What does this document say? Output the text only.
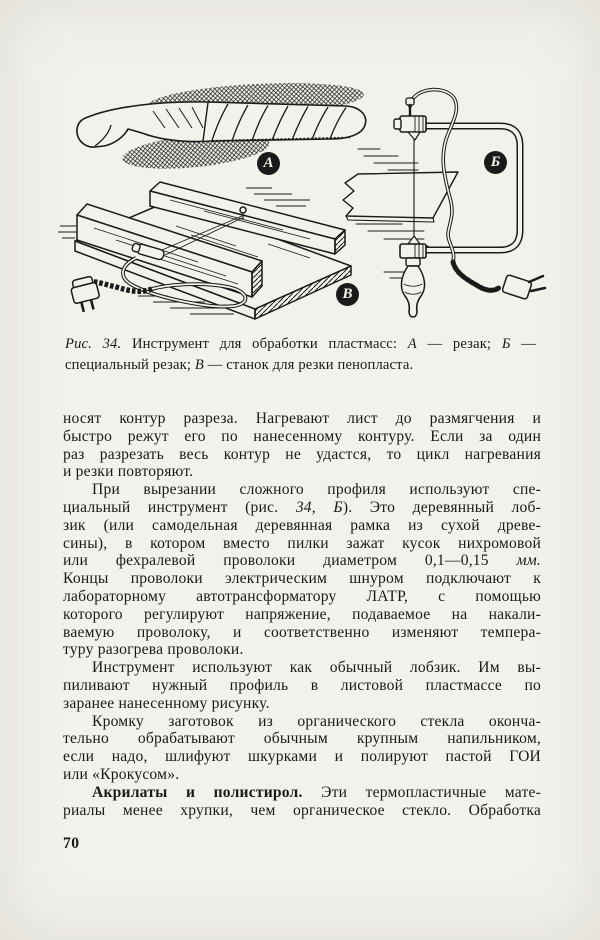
А	Б
В
Рис. 34. Инструмент для обработки пластмасс: А — резак; Б —
специальный резак; В — станок для резки пенопласта.
носят контур разреза. Нагревают лист до размягчения и
быстро режут его по нанесенному контуру. Если за один
раз разрезать весь контур не удастся, то цикл нагревания
и резки повторяют.
При вырезании сложного профиля используют спе-
циальный инструмент (рис. 34, Б). Это деревянный лоб-
зик (или самодельная деревянная рамка из сухой древе-
сины), в котором вместо пилки зажат кусок нихромовой
или фехралевой проволоки диаметром 0,1—0,15 мм.
Концы проволоки электрическим шнуром подключают к
лабораторному автотрансформатору ЛАТР, с помощью
которого регулируют напряжение, подаваемое на накали-
ваемую проволоку, и соответственно изменяют темпера-
туру разогрева проволоки.
Инструмент используют как обычный лобзик. Им вы-
пиливают нужный профиль в листовой пластмассе по
заранее нанесенному рисунку.
Кромку заготовок из органического стекла оконча-
тельно обрабатывают обычным крупным напильником,
если надо, шлифуют шкурками и полируют пастой ГОИ
или «Крокусом».
Акрилаты и полистирол. Эти термопластичные мате-
риалы менее хрупки, чем органическое стекло. Обработка
70
